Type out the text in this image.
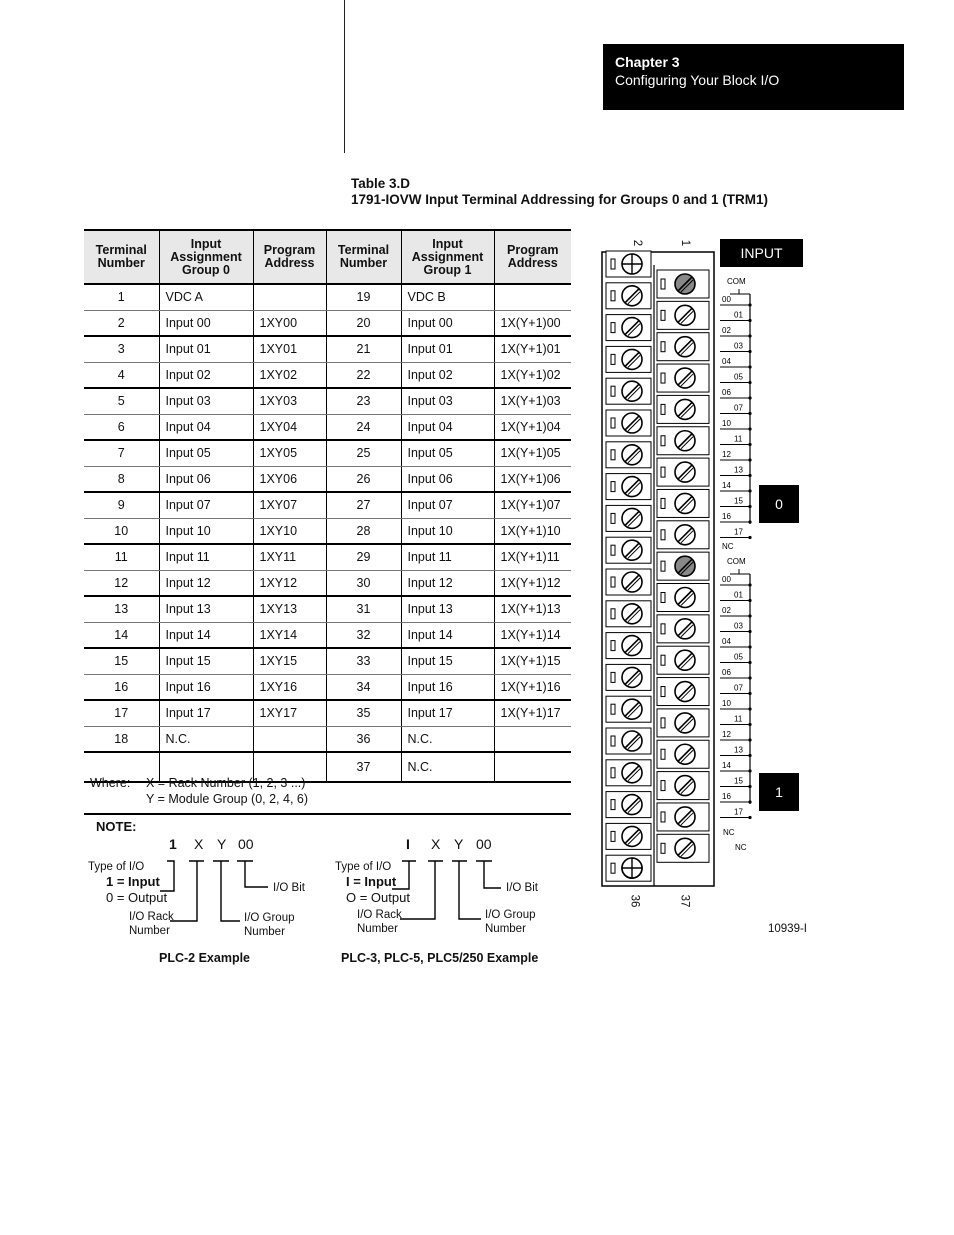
Chapter 3
Configuring Your Block I/O
Table 3.D
1791-IOVW Input Terminal Addressing for Groups 0 and 1 (TRM1)
Terminal Number	Input Assignment Group 0	Program Address	Terminal Number	Input Assignment Group 1	Program Address
1	VDC A		19	VDC B	
2	Input 00	1XY00	20	Input 00	1X(Y+1)00
3	Input 01	1XY01	21	Input 01	1X(Y+1)01
4	Input 02	1XY02	22	Input 02	1X(Y+1)02
5	Input 03	1XY03	23	Input 03	1X(Y+1)03
6	Input 04	1XY04	24	Input 04	1X(Y+1)04
7	Input 05	1XY05	25	Input 05	1X(Y+1)05
8	Input 06	1XY06	26	Input 06	1X(Y+1)06
9	Input 07	1XY07	27	Input 07	1X(Y+1)07
10	Input 10	1XY10	28	Input 10	1X(Y+1)10
11	Input 11	1XY11	29	Input 11	1X(Y+1)11
12	Input 12	1XY12	30	Input 12	1X(Y+1)12
13	Input 13	1XY13	31	Input 13	1X(Y+1)13
14	Input 14	1XY14	32	Input 14	1X(Y+1)14
15	Input 15	1XY15	33	Input 15	1X(Y+1)15
16	Input 16	1XY16	34	Input 16	1X(Y+1)16
17	Input 17	1XY17	35	Input 17	1X(Y+1)17
18	N.C.		36	N.C.	
			37	N.C.	
Where: X = Rack Number (1, 2, 3 ...)
Y = Module Group (0, 2, 4, 6)
NOTE:
1 X Y 00
Type of I/O
1 = Input
0 = Output
I/O Rack
Number
I/O Group
Number
I/O Bit
PLC-2 Example
I X Y 00
Type of I/O
I = Input
O = Output
I/O Rack
Number
I/O Group
Number
I/O Bit
PLC-3, PLC-5, PLC5/250 Example
COM
00
01
02
03
04
05
06
07
10
11
12
13
14
15
16
17
COM
00
01
02
03
04
05
06
07
10
11
12
13
14
15
16
17
NC
NC
NC
2	1
36	37
INPUT
0
1
10939-I
